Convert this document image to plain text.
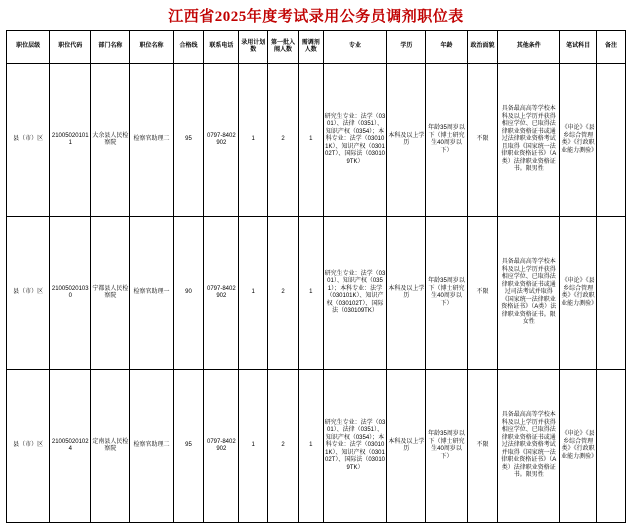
江西省2025年度考试录用公务员调剂职位表
职位层级	职位代码	部门名称	职位名称	合格线	联系电话	录用计划数	第一批入闱人数	需调剂人数	专业	学历	年龄	政治面貌	其他条件	笔试科目	备注
县（市）区	210050201011	大余县人民检察院	检察官助理二	95	0797-8402902	1	2	1	研究生专业：法学（0301）、法律（0351）、知识产权（0354）；本科专业：法学（030101K）、知识产权（030102T）、国际法（030109TK）	本科及以上学历	年龄35周岁以下（博士研究生40周岁以下）	不限	具备最高高等学校本科及以上学历并获得相应学位、已取得法律职业资格证书或通过法律职业资格考试且取得《国家统一法律职业资格证书》（A类）法律职业资格证书。限男性	《申论》《县乡综合管理类》《行政职业能力测验》	
县（市）区	210050201030	宁都县人民检察院	检察官助理一	90	0797-8402902	1	2	1	研究生专业：法学（0301）、知识产权（0351）；本科专业：法学（030101K）、知识产权（030102T）、国际法（030109TK）	本科及以上学历	年龄35周岁以下（博士研究生40周岁以下）	不限	具备最高高等学校本科及以上学历并获得相应学位、已取得法律职业资格证书或通过司法考试并取得《国家统一法律职业资格证书》（A类）法律职业资格证书。限女性	《申论》《县乡综合管理类》《行政职业能力测验》	
县（市）区	210050201024	定南县人民检察院	检察官助理二	95	0797-8402902	1	2	1	研究生专业：法学（0301）、法律（0351）、知识产权（0354）；本科专业：法学（030101K）、知识产权（030102T）、国际法（030109TK）	本科及以上学历	年龄35周岁以下（博士研究生40周岁以下）	不限	具备最高高等学校本科及以上学历并获得相应学位、已取得法律职业资格证书或通过法律职业资格考试并取得《国家统一法律职业资格证书》（A类）法律职业资格证书。限男性	《申论》《县乡综合管理类》《行政职业能力测验》	
